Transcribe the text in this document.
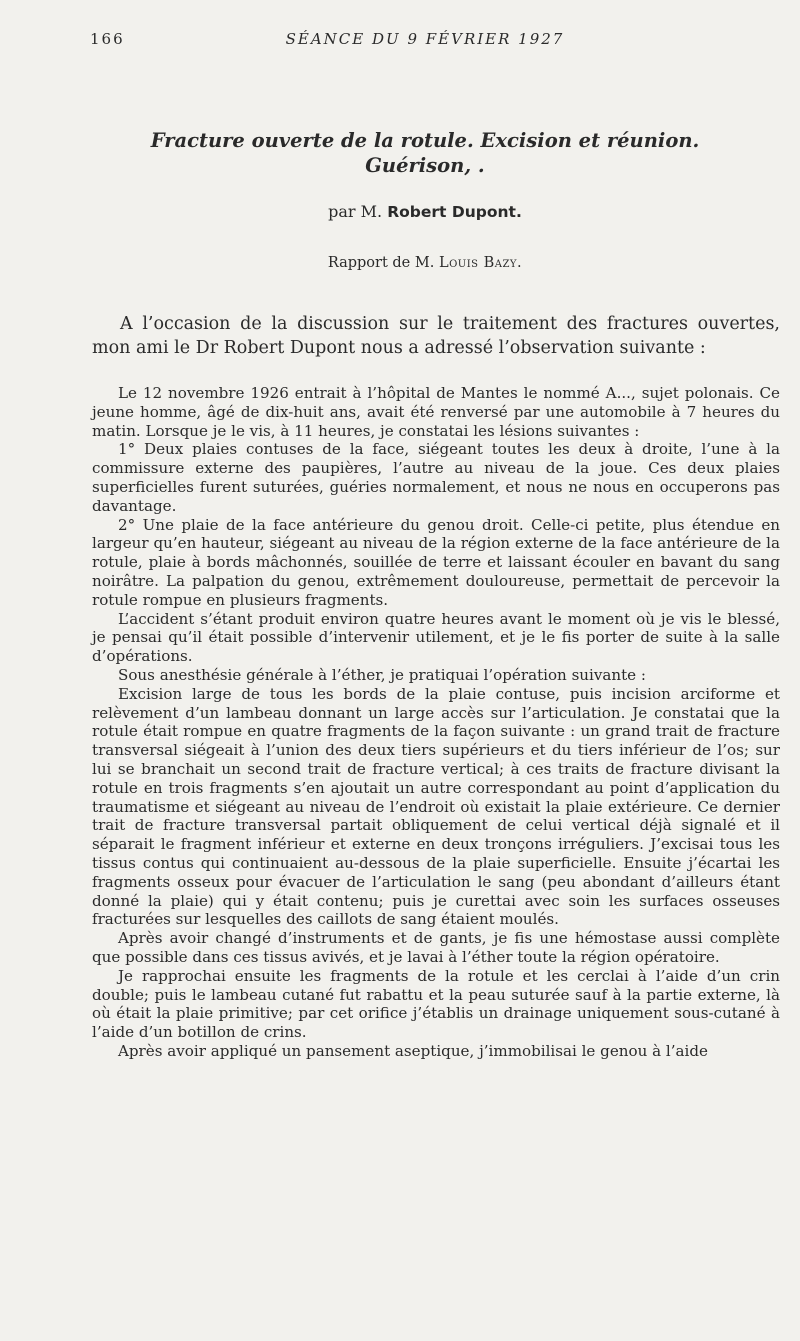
166	SÉANCE DU 9 FÉVRIER 1927
Fracture ouverte de la rotule. Excision et réunion.
Guérison, .
par M. Robert Dupont.
Rapport de M. Louis Bazy.

A l’occasion de la discussion sur le traitement des fractures ouvertes, mon ami le Dr Robert Dupont nous a adressé l’observation suivante :

Le 12 novembre 1926 entrait à l’hôpital de Mantes le nommé A..., sujet polonais. Ce jeune homme, âgé de dix-huit ans, avait été renversé par une automobile à 7 heures du matin. Lorsque je le vis, à 11 heures, je constatai les lésions suivantes :

1° Deux plaies contuses de la face, siégeant toutes les deux à droite, l’une à la commissure externe des paupières, l’autre au niveau de la joue. Ces deux plaies superficielles furent suturées, guéries normalement, et nous ne nous en occuperons pas davantage.

2° Une plaie de la face antérieure du genou droit. Celle-ci petite, plus étendue en largeur qu’en hauteur, siégeant au niveau de la région externe de la face antérieure de la rotule, plaie à bords mâchonnés, souillée de terre et laissant écouler en bavant du sang noirâtre. La palpation du genou, extrêmement douloureuse, permettait de percevoir la rotule rompue en plusieurs fragments.

L’accident s’étant produit environ quatre heures avant le moment où je vis le blessé, je pensai qu’il était possible d’intervenir utilement, et je le fis porter de suite à la salle d’opérations.

Sous anesthésie générale à l’éther, je pratiquai l’opération suivante :

Excision large de tous les bords de la plaie contuse, puis incision arciforme et relèvement d’un lambeau donnant un large accès sur l’articulation. Je constatai que la rotule était rompue en quatre fragments de la façon suivante : un grand trait de fracture transversal siégeait à l’union des deux tiers supérieurs et du tiers inférieur de l’os; sur lui se branchait un second trait de fracture vertical; à ces traits de fracture divisant la rotule en trois fragments s’en ajoutait un autre correspondant au point d’application du traumatisme et siégeant au niveau de l’endroit où existait la plaie extérieure. Ce dernier trait de fracture transversal partait obliquement de celui vertical déjà signalé et il séparait le fragment inférieur et externe en deux tronçons irréguliers. J’excisai tous les tissus contus qui continuaient au-dessous de la plaie superficielle. Ensuite j’écartai les fragments osseux pour évacuer de l’articulation le sang (peu abondant d’ailleurs étant donné la plaie) qui y était contenu; puis je curettai avec soin les surfaces osseuses fracturées sur lesquelles des caillots de sang étaient moulés.

Après avoir changé d’instruments et de gants, je fis une hémostase aussi complète que possible dans ces tissus avivés, et je lavai à l’éther toute la région opératoire.

Je rapprochai ensuite les fragments de la rotule et les cerclai à l’aide d’un crin double; puis le lambeau cutané fut rabattu et la peau suturée sauf à la partie externe, là où était la plaie primitive; par cet orifice j’établis un drainage uniquement sous-cutané à l’aide d’un botillon de crins.

Après avoir appliqué un pansement aseptique, j’immobilisai le genou à l’aide
